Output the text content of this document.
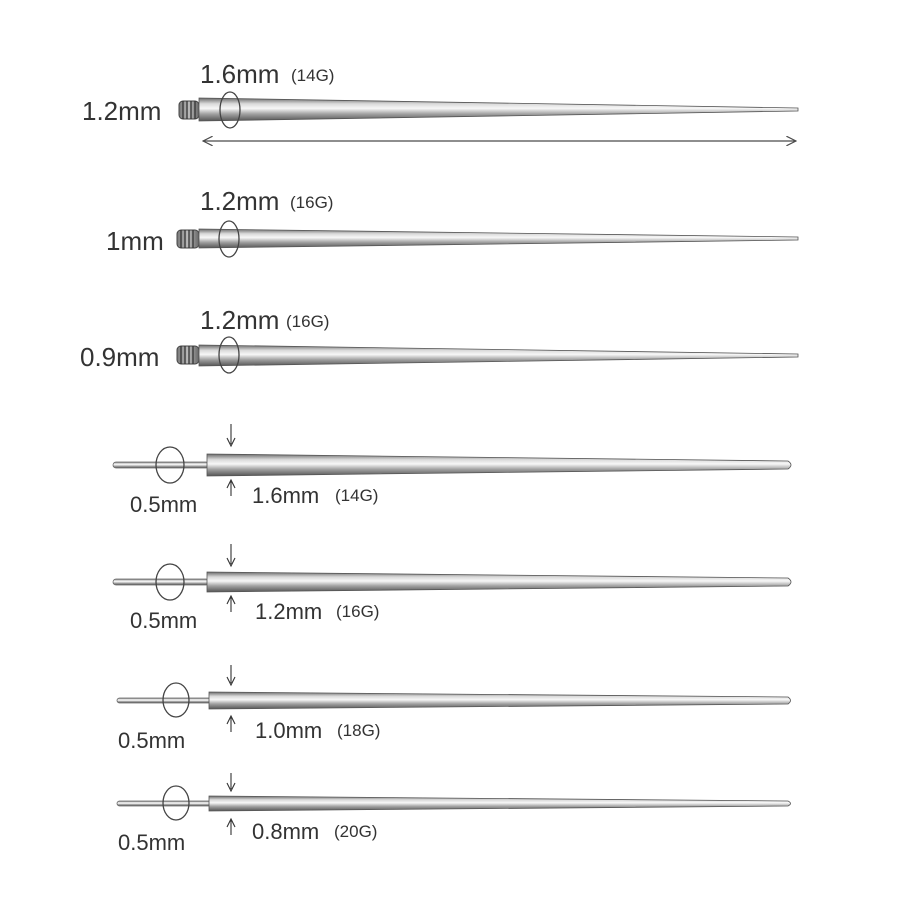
1.2mm
1.6mm (14G)
1mm
1.2mm (16G)
0.9mm
1.2mm (16G)
0.5mm 1.6mm (14G)
0.5mm	1.2mm (16G)
0.5mm	1.0mm (18G)
0.5mm	0.8mm (20G)
